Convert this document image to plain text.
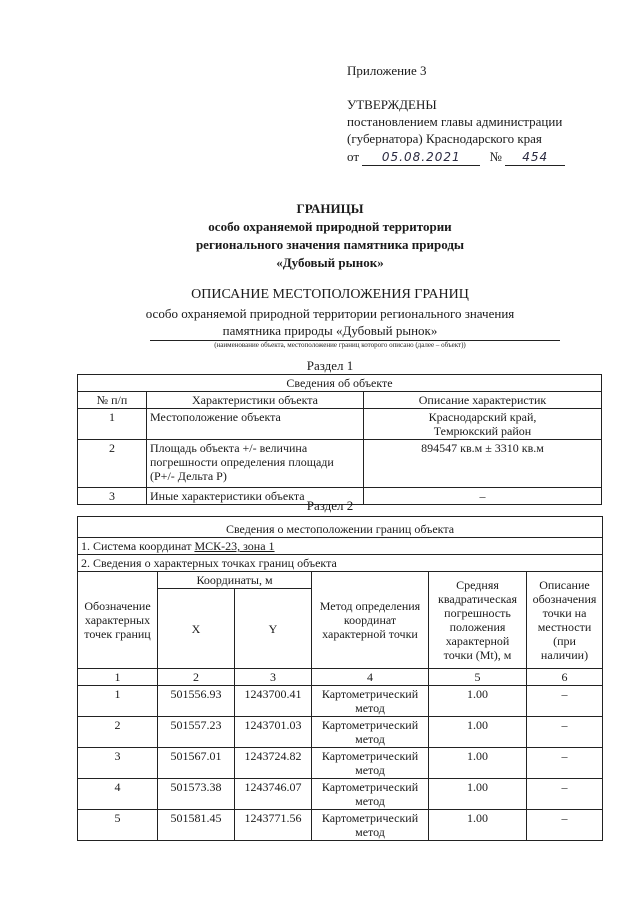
Приложение 3
УТВЕРЖДЕНЫ
постановлением главы администрации
(губернатора) Краснодарского края
от 05.08.2021 № 454
ГРАНИЦЫ
особо охраняемой природной территории
регионального значения памятника природы
«Дубовый рынок»
ОПИСАНИЕ МЕСТОПОЛОЖЕНИЯ ГРАНИЦ
особо охраняемой природной территории регионального значения
памятника природы «Дубовый рынок»
(наименование объекта, местоположение границ которого описано (далее – объект))
Раздел 1
Сведения об объекте		
№ п/п	Характеристики объекта	Описание характеристик
1	Местоположение объекта	Краснодарский край, Темрюкский район
2	Площадь объекта +/- величина погрешности определения площади (P+/- Дельта P)	894547 кв.м ± 3310 кв.м
3	Иные характеристики объекта	–
Раздел 2
Сведения о местоположении границ объекта					
1. Система координат МСК-23, зона 1					
2. Сведения о характерных точках границ объекта					
Обозначение характерных точек границ	Координаты, м		Метод определения координат характерной точки	Средняя квадратическая погрешность положения характерной точки (Mt), м	Описание обозначения точки на местности (при наличии)
	X	Y			
1	2	3	4	5	6
1	501556.93	1243700.41	Картометрический метод	1.00	–
2	501557.23	1243701.03	Картометрический метод	1.00	–
3	501567.01	1243724.82	Картометрический метод	1.00	–
4	501573.38	1243746.07	Картометрический метод	1.00	–
5	501581.45	1243771.56	Картометрический метод	1.00	–
